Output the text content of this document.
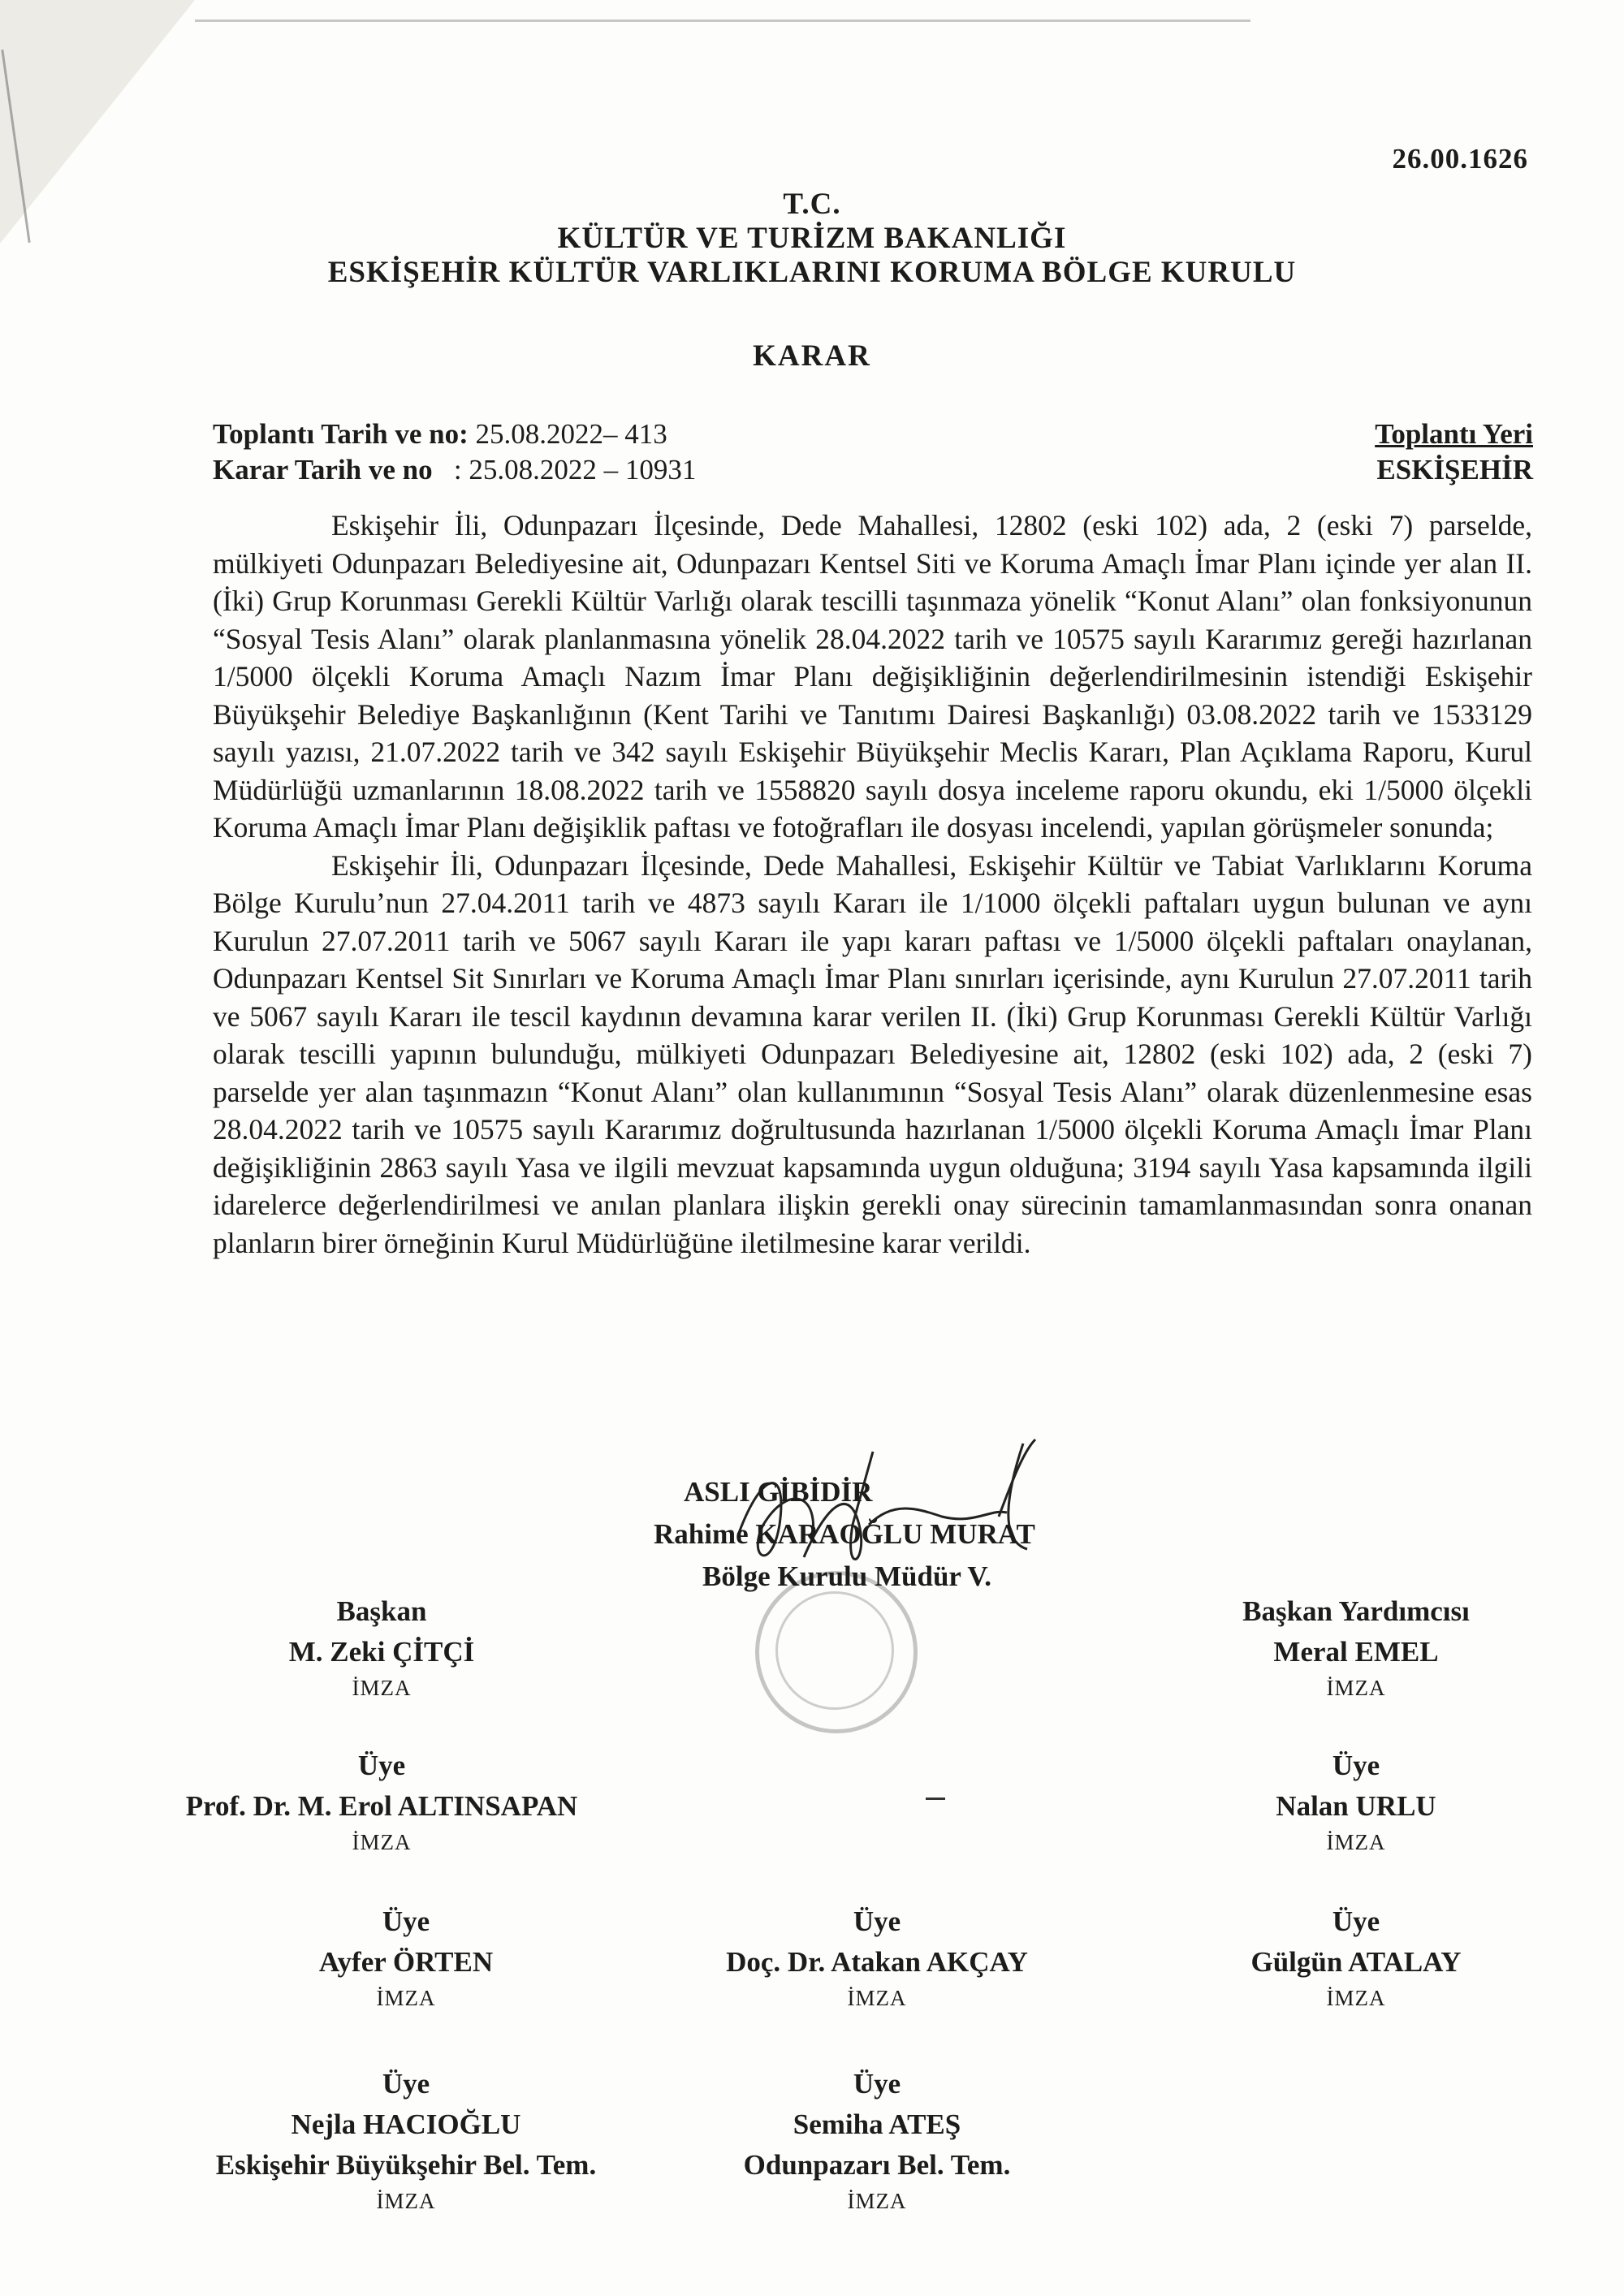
26.00.1626
T.C.
KÜLTÜR VE TURİZM BAKANLIĞI
ESKİŞEHİR KÜLTÜR VARLIKLARINI KORUMA BÖLGE KURULU
KARAR
Toplantı Tarih ve no: 25.08.2022– 413
Karar Tarih ve no   : 25.08.2022 – 10931
Toplantı Yeri
ESKİŞEHİR

Eskişehir İli, Odunpazarı İlçesinde, Dede Mahallesi, 12802 (eski 102) ada, 2 (eski 7) parselde, mülkiyeti Odunpazarı Belediyesine ait, Odunpazarı Kentsel Siti ve Koruma Amaçlı İmar Planı içinde yer alan II. (İki) Grup Korunması Gerekli Kültür Varlığı olarak tescilli taşınmaza yönelik “Konut Alanı” olan fonksiyonunun “Sosyal Tesis Alanı” olarak planlanmasına yönelik 28.04.2022 tarih ve 10575 sayılı Kararımız gereği hazırlanan 1/5000 ölçekli Koruma Amaçlı Nazım İmar Planı değişikliğinin değerlendirilmesinin istendiği Eskişehir Büyükşehir Belediye Başkanlığının (Kent Tarihi ve Tanıtımı Dairesi Başkanlığı) 03.08.2022 tarih ve 1533129 sayılı yazısı, 21.07.2022 tarih ve 342 sayılı Eskişehir Büyükşehir Meclis Kararı, Plan Açıklama Raporu, Kurul Müdürlüğü uzmanlarının 18.08.2022 tarih ve 1558820 sayılı dosya inceleme raporu okundu, eki 1/5000 ölçekli Koruma Amaçlı İmar Planı değişiklik paftası ve fotoğrafları ile dosyası incelendi, yapılan görüşmeler sonunda;

Eskişehir İli, Odunpazarı İlçesinde, Dede Mahallesi, Eskişehir Kültür ve Tabiat Varlıklarını Koruma Bölge Kurulu’nun 27.04.2011 tarih ve 4873 sayılı Kararı ile 1/1000 ölçekli paftaları uygun bulunan ve aynı Kurulun 27.07.2011 tarih ve 5067 sayılı Kararı ile yapı kararı paftası ve 1/5000 ölçekli paftaları onaylanan, Odunpazarı Kentsel Sit Sınırları ve Koruma Amaçlı İmar Planı sınırları içerisinde, aynı Kurulun 27.07.2011 tarih ve 5067 sayılı Kararı ile tescil kaydının devamına karar verilen II. (İki) Grup Korunması Gerekli Kültür Varlığı olarak tescilli yapının bulunduğu, mülkiyeti Odunpazarı Belediyesine ait, 12802 (eski 102) ada, 2 (eski 7) parselde yer alan taşınmazın “Konut Alanı” olan kullanımının “Sosyal Tesis Alanı” olarak düzenlenmesine esas 28.04.2022 tarih ve 10575 sayılı Kararımız doğrultusunda hazırlanan 1/5000 ölçekli Koruma Amaçlı İmar Planı değişikliğinin 2863 sayılı Yasa ve ilgili mevzuat kapsamında uygun olduğuna; 3194 sayılı Yasa kapsamında ilgili idarelerce değerlendirilmesi ve anılan planlara ilişkin gerekli onay sürecinin tamamlanmasından sonra onanan planların birer örneğinin Kurul Müdürlüğüne iletilmesine karar verildi.

ASLI GİBİDİR
Rahime KARAOĞLU MURAT
Bölge Kurulu Müdür V.
Başkan
M. Zeki ÇİTÇİ
İMZA
Başkan Yardımcısı
Meral EMEL
İMZA
Üye
Prof. Dr. M. Erol ALTINSAPAN
İMZA
Üye
Nalan URLU
İMZA
Üye
Ayfer ÖRTEN
İMZA
Üye
Doç. Dr. Atakan AKÇAY
İMZA
Üye
Gülgün ATALAY
İMZA
Üye
Nejla HACIOĞLU
Eskişehir Büyükşehir Bel. Tem.
İMZA
Üye
Semiha ATEŞ
Odunpazarı Bel. Tem.
İMZA
